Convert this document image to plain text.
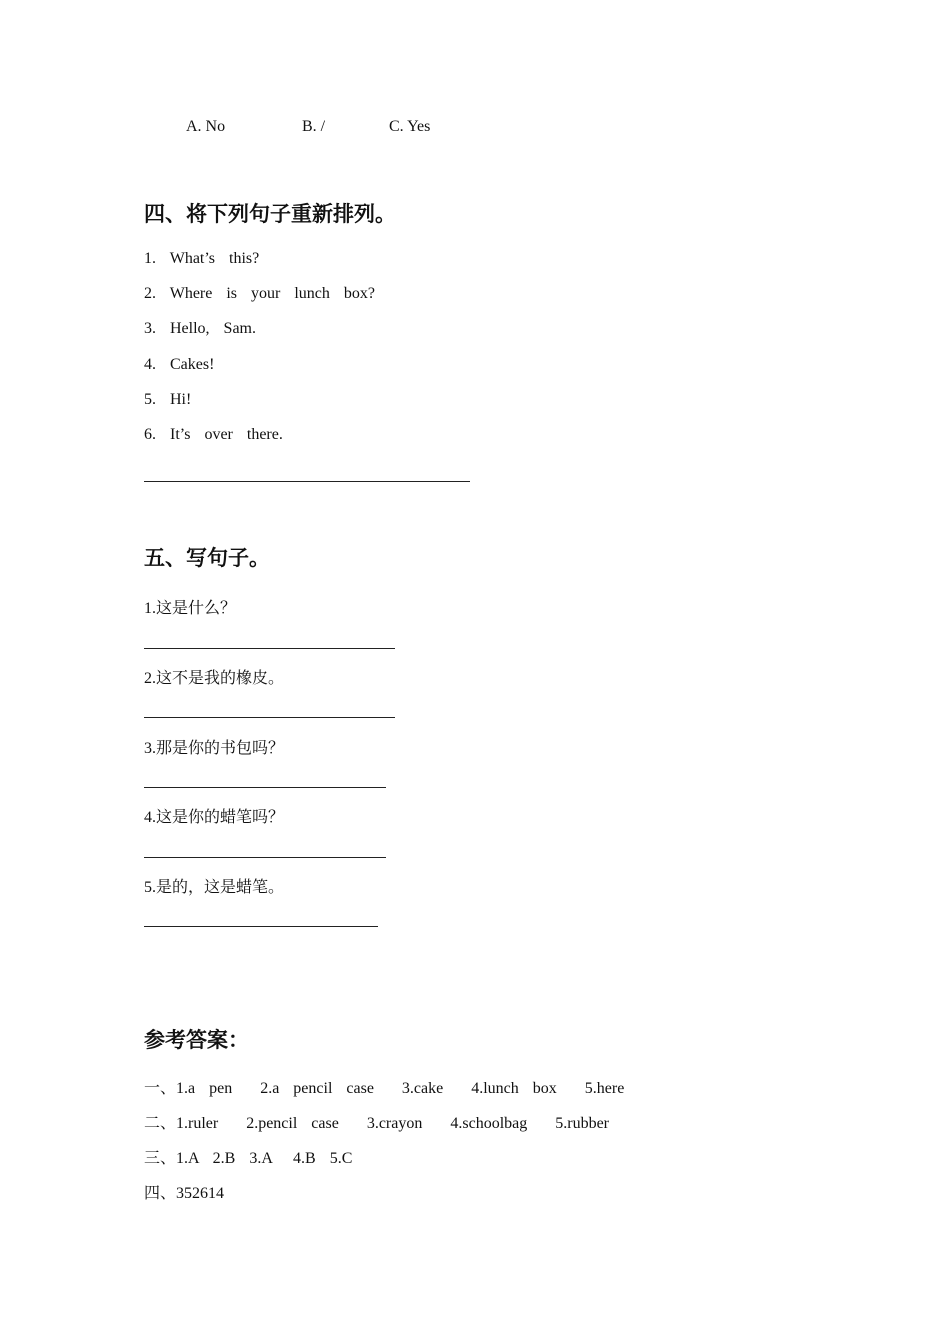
A. No	B. /	C. Yes
四、将下列句子重新排列。
1.  What’s  this?
2.  Where  is  your  lunch  box?
3.  Hello,  Sam.
4.  Cakes!
5.  Hi!
6.  It’s  over  there.
五、写句子。
1.这是什么？
2.这不是我的橡皮。
3.那是你的书包吗？
4.这是你的蜡笔吗？
5.是的，这是蜡笔。
参考答案：
一、1.a  pen    2.a  pencil  case    3.cake    4.lunch  box    5.here
二、1.ruler    2.pencil  case    3.crayon    4.schoolbag    5.rubber
三、1.A  2.B  3.A   4.B  5.C
四、352614
